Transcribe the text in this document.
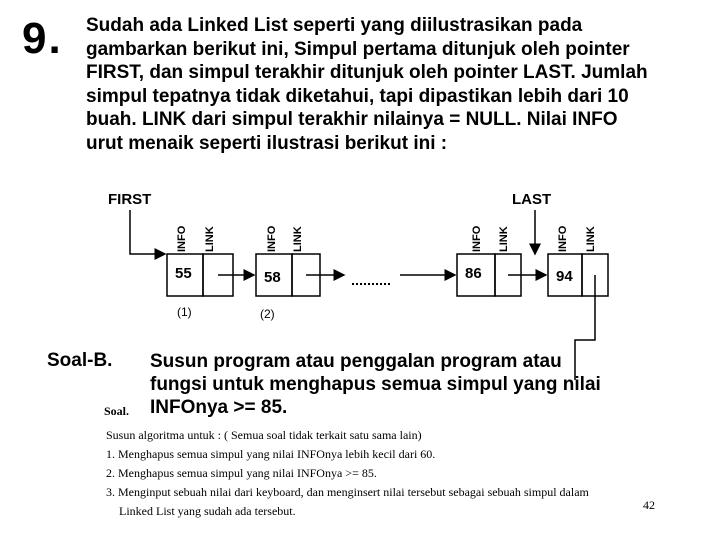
9. Sudah ada Linked List seperti yang diilustrasikan pada
gambarkan berikut ini, Simpul pertama ditunjuk oleh pointer
FIRST, dan simpul terakhir ditunjuk oleh pointer LAST. Jumlah
simpul tepatnya tidak diketahui, tapi dipastikan lebih dari 10
buah. LINK dari simpul terakhir nilainya = NULL. Nilai INFO
urut menaik seperti ilustrasi berikut ini :
FIRST	LAST
INFO LINK	INFO LINK	INFO LINK	INFO LINK
55	58	86	94
(1)	(2)
Soal-B.
Soal.
Susun program atau penggalan program atau
fungsi untuk menghapus semua simpul yang nilai
INFOnya >= 85.
Susun algoritma untuk : ( Semua soal tidak terkait satu sama lain)
1. Menghapus semua simpul yang nilai INFOnya lebih kecil dari 60.
2. Menghapus semua simpul yang nilai INFOnya >= 85.
3. Menginput sebuah nilai dari keyboard, dan menginsert nilai tersebut sebagai sebuah simpul dalam
Linked List yang sudah ada tersebut.	42
